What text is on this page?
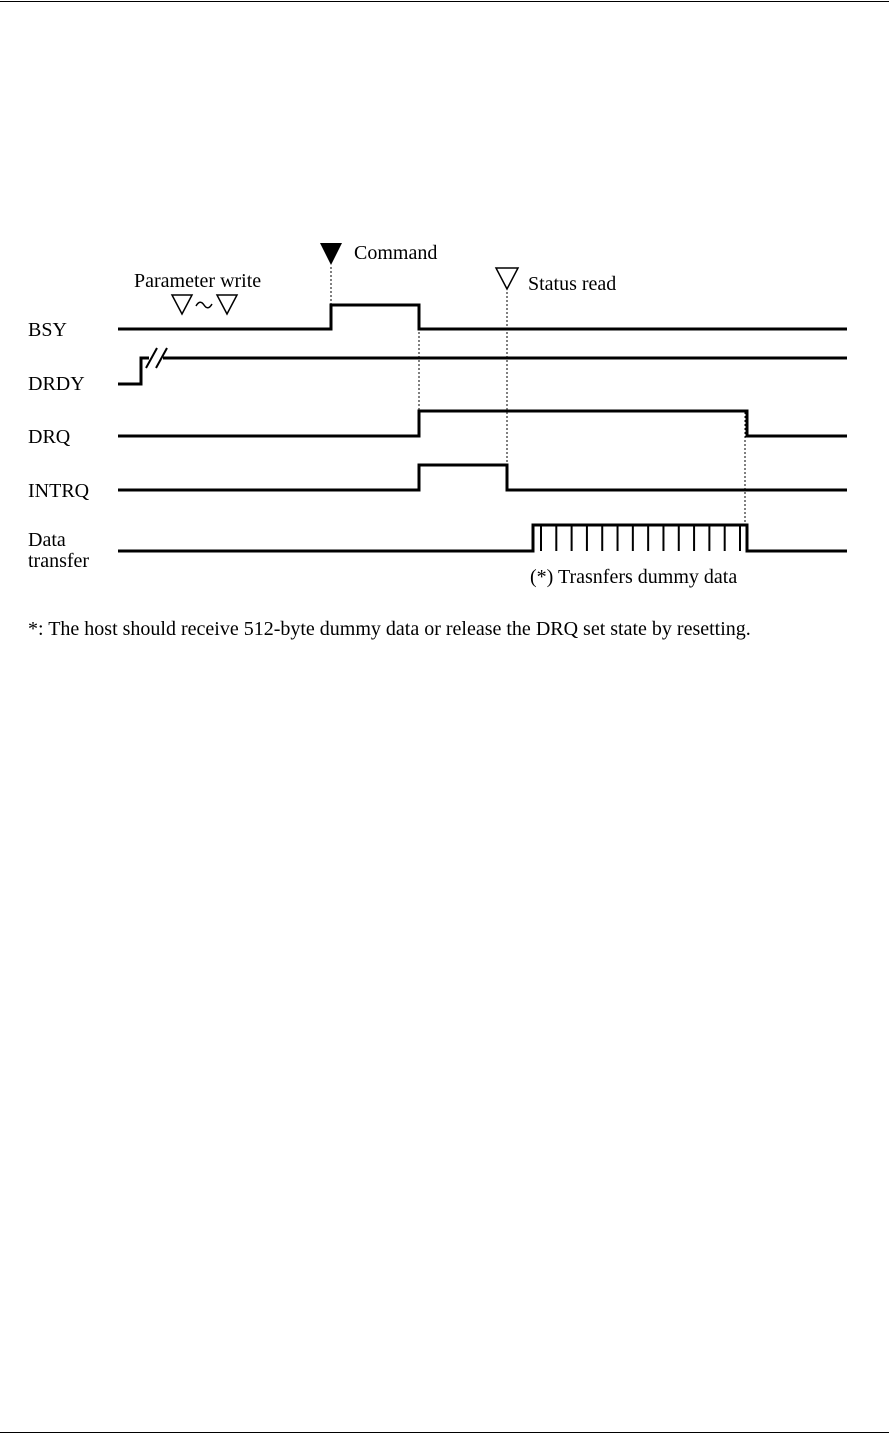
Command
Status read
Parameter write
BSY
DRDY
DRQ
INTRQ
Data
transfer
(*) Trasnfers dummy data
*: The host should receive 512-byte dummy data or release the DRQ set state by resetting.
